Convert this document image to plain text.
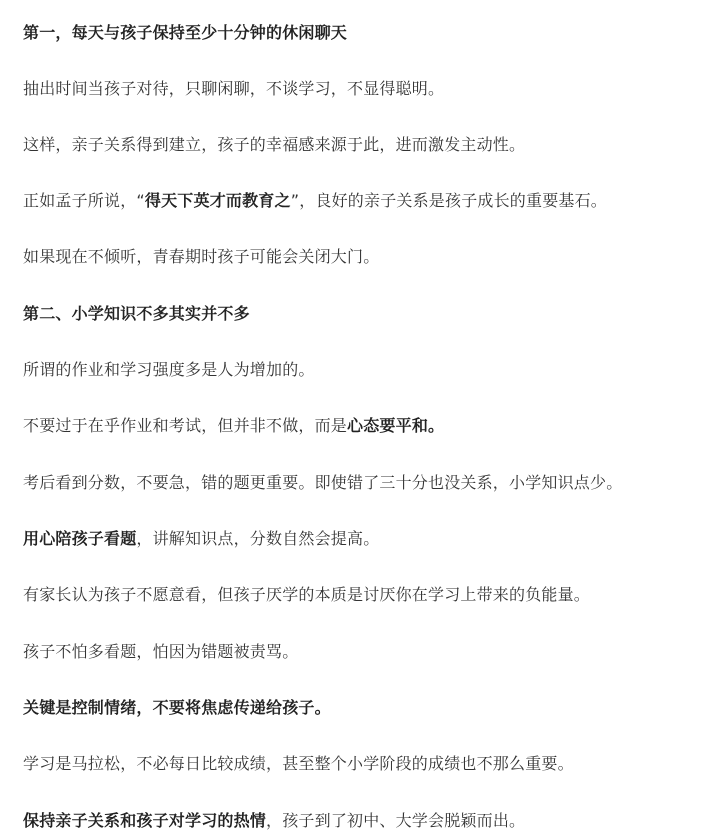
第一，每天与孩子保持至少十分钟的休闲聊天

抽出时间当孩子对待，只聊闲聊，不谈学习，不显得聪明。

这样，亲子关系得到建立，孩子的幸福感来源于此，进而激发主动性。

正如孟子所说，“得天下英才而教育之”，良好的亲子关系是孩子成长的重要基石。

如果现在不倾听，青春期时孩子可能会关闭大门。

第二、小学知识不多其实并不多

所谓的作业和学习强度多是人为增加的。

不要过于在乎作业和考试，但并非不做，而是心态要平和。

考后看到分数，不要急，错的题更重要。即使错了三十分也没关系，小学知识点少。

用心陪孩子看题，讲解知识点，分数自然会提高。

有家长认为孩子不愿意看，但孩子厌学的本质是讨厌你在学习上带来的负能量。

孩子不怕多看题，怕因为错题被责骂。

关键是控制情绪，不要将焦虑传递给孩子。

学习是马拉松，不必每日比较成绩，甚至整个小学阶段的成绩也不那么重要。

保持亲子关系和孩子对学习的热情，孩子到了初中、大学会脱颖而出。
